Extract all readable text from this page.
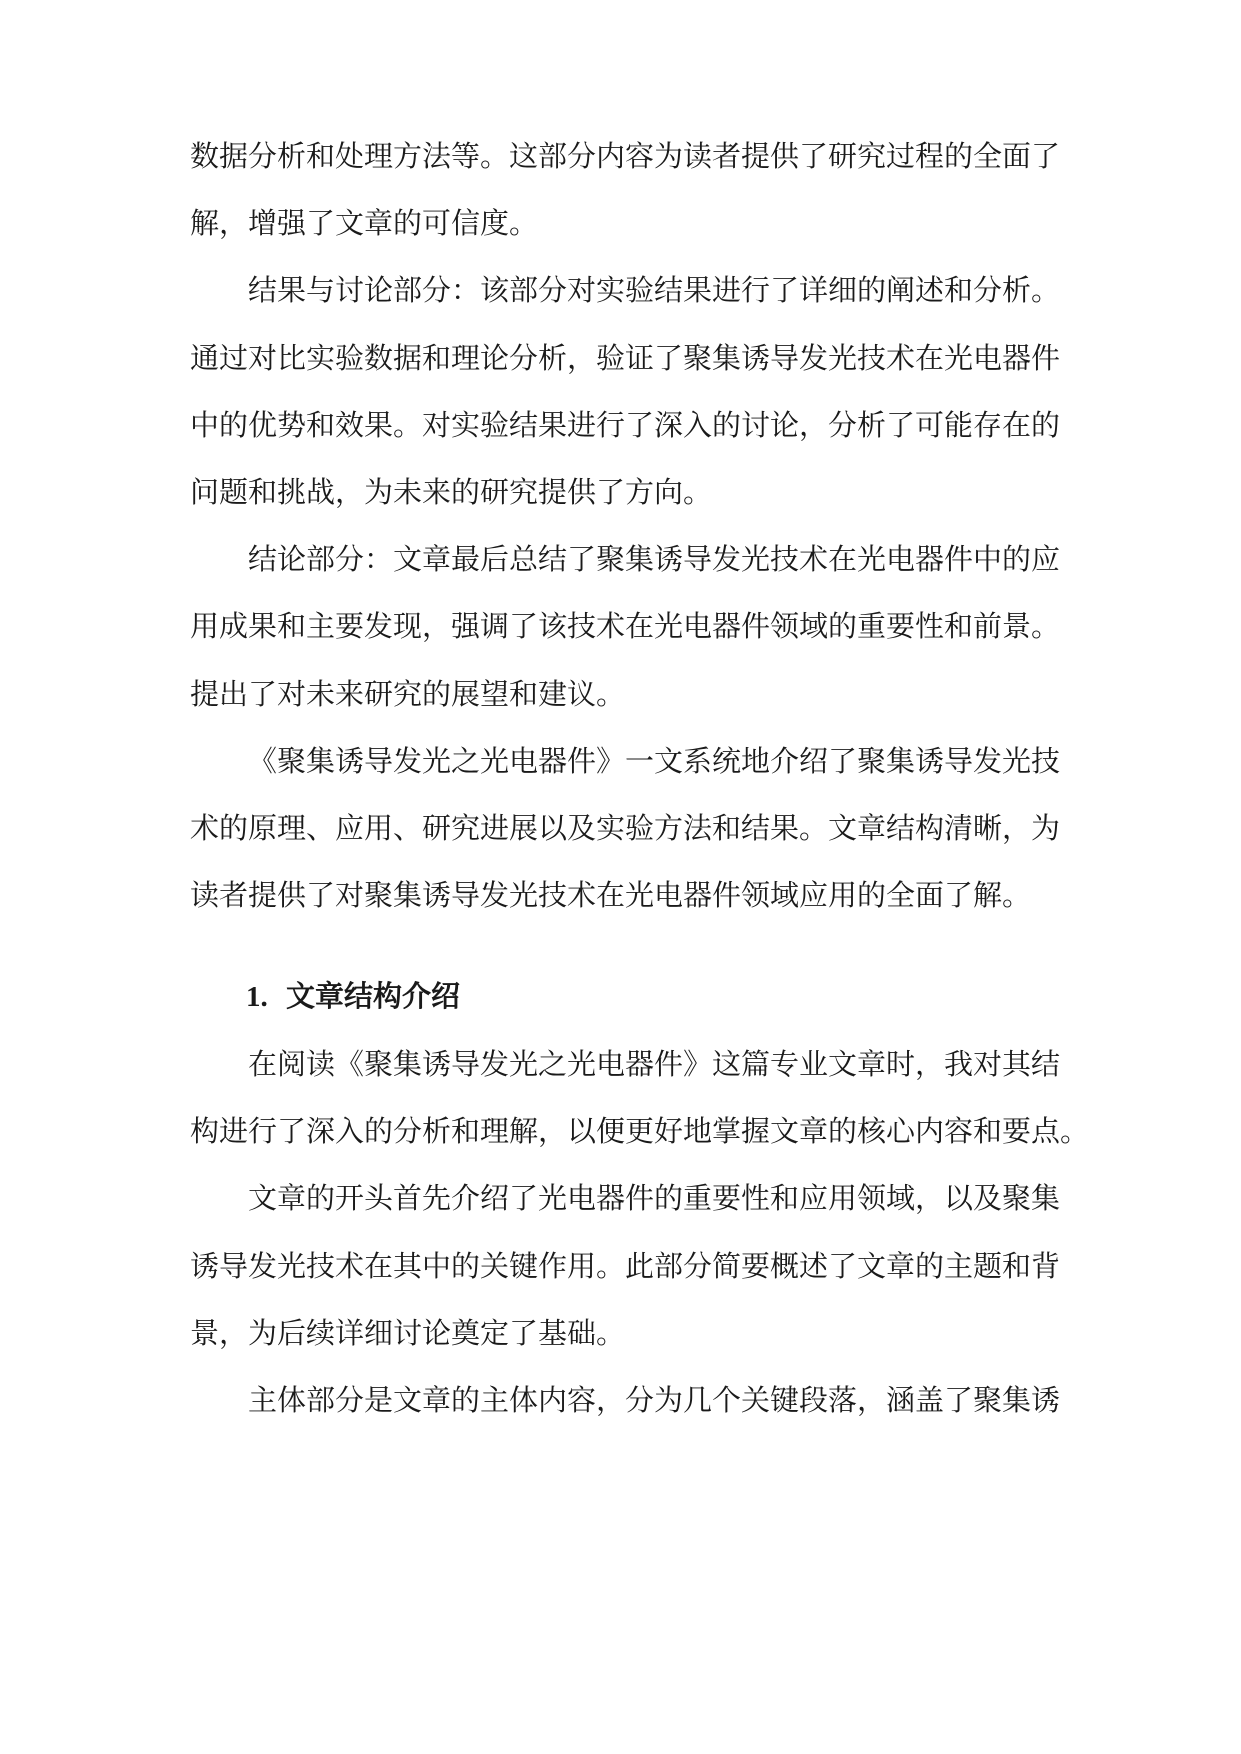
数据分析和处理方法等。这部分内容为读者提供了研究过程的全面了
解，增强了文章的可信度。
结果与讨论部分：该部分对实验结果进行了详细的阐述和分析。
通过对比实验数据和理论分析，验证了聚集诱导发光技术在光电器件
中的优势和效果。对实验结果进行了深入的讨论，分析了可能存在的
问题和挑战，为未来的研究提供了方向。
结论部分：文章最后总结了聚集诱导发光技术在光电器件中的应
用成果和主要发现，强调了该技术在光电器件领域的重要性和前景。
提出了对未来研究的展望和建议。
《聚集诱导发光之光电器件》一文系统地介绍了聚集诱导发光技
术的原理、应用、研究进展以及实验方法和结果。文章结构清晰，为
读者提供了对聚集诱导发光技术在光电器件领域应用的全面了解。
1. 文章结构介绍
在阅读《聚集诱导发光之光电器件》这篇专业文章时，我对其结
构进行了深入的分析和理解，以便更好地掌握文章的核心内容和要点。
文章的开头首先介绍了光电器件的重要性和应用领域，以及聚集
诱导发光技术在其中的关键作用。此部分简要概述了文章的主题和背
景，为后续详细讨论奠定了基础。
主体部分是文章的主体内容，分为几个关键段落，涵盖了聚集诱
